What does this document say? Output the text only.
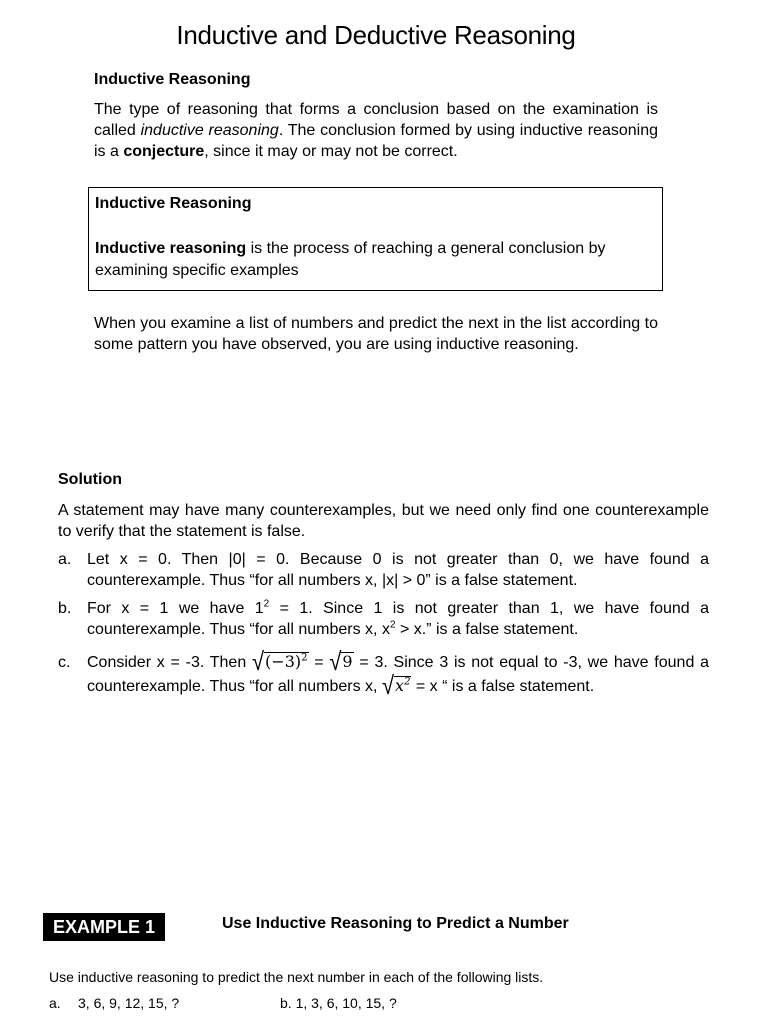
Inductive and Deductive Reasoning
Inductive Reasoning
The type of reasoning that forms a conclusion based on the examination is called inductive reasoning. The conclusion formed by using inductive reasoning is a conjecture, since it may or may not be correct.
Inductive Reasoning
Inductive reasoning is the process of reaching a general conclusion by examining specific examples
When you examine a list of numbers and predict the next in the list according to some pattern you have observed, you are using inductive reasoning.
Solution
A statement may have many counterexamples, but we need only find one counterexample to verify that the statement is false.
a. Let x = 0. Then |0| = 0. Because 0 is not greater than 0, we have found a counterexample. Thus “for all numbers x, |x| > 0” is a false statement.
b. For x = 1 we have $1^2 = 1$. Since 1 is not greater than 1, we have found a counterexample. Thus “for all numbers x, $x^2 > x$.” is a false statement.
c. Consider x = -3. Then √ $(-3)^2$ = √ 9 = 3. Since 3 is not equal to -3, we have found a counterexample. Thus “for all numbers x, √ $x^2 = x$ “ is a false statement.
EXAMPLE 1	Use Inductive Reasoning to Predict a Number
Use inductive reasoning to predict the next number in each of the following lists.
a. 3, 6, 9, 12, 15, ?	b. 1, 3, 6, 10, 15, ?
